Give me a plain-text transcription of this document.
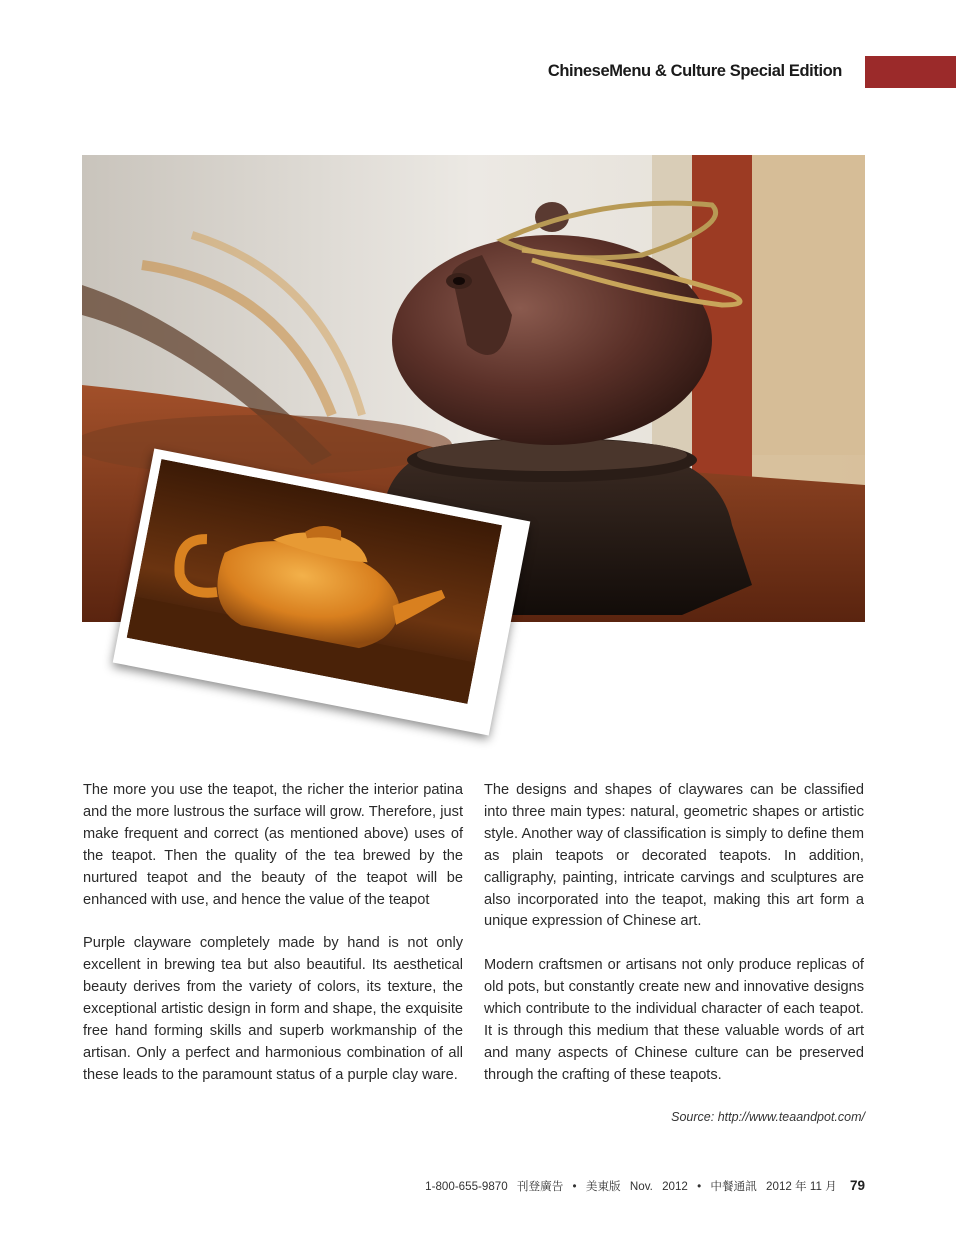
ChineseMenu & Culture Special Edition

The more you use the teapot, the richer the interior patina and the more lustrous the surface will grow. Therefore, just make frequent and correct (as mentioned above) uses of the teapot. Then the quality of the tea brewed by the nurtured teapot and the beauty of the teapot will be enhanced with use, and hence the value of the teapot

Purple clayware completely made by hand is not only excellent in brewing tea but also beautiful. Its aesthetical beauty derives from the variety of colors, its texture, the exceptional artistic design in form and shape, the exquisite free hand forming skills and superb workmanship of the artisan. Only a perfect and harmonious combination of all these leads to the paramount status of a purple clay ware.

The designs and shapes of claywares can be classified into three main types: natural, geometric shapes or artistic style. Another way of classification is simply to define them as plain teapots or decorated teapots. In addition, calligraphy, painting, intricate carvings and sculptures are also incorporated into the teapot, making this art form a unique expression of Chinese art.

Modern craftsmen or artisans not only produce replicas of old pots, but constantly create new and innovative designs which contribute to the individual character of each teapot. It is through this medium that these valuable words of art and many aspects of Chinese culture can be preserved through the crafting of these teapots.

Source: http://www.teaandpot.com/
1-800-655-9870 刊登廣告 • 美東版 Nov. 2012 • 中餐通訊 2012 年 11 月 79
